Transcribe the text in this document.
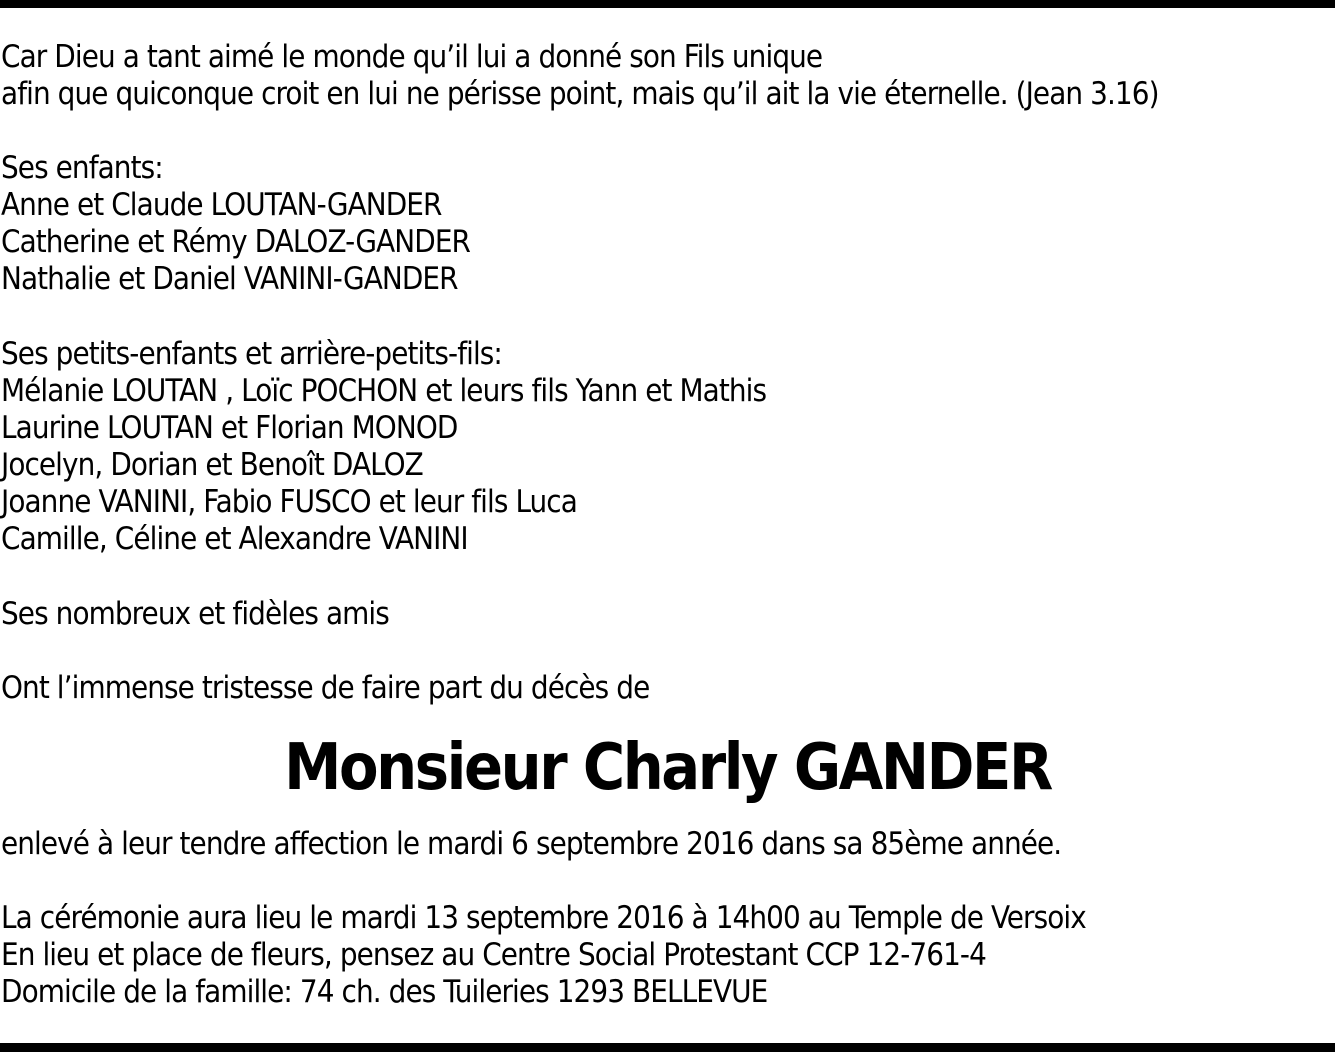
Car Dieu a tant aimé le monde qu’il lui a donné son Fils unique
afin que quiconque croit en lui ne périsse point, mais qu’il ait la vie éternelle. (Jean 3.16)
Ses enfants:
Anne et Claude LOUTAN-GANDER
Catherine et Rémy DALOZ-GANDER
Nathalie et Daniel VANINI-GANDER
Ses petits-enfants et arrière-petits-fils:
Mélanie LOUTAN , Loïc POCHON et leurs fils Yann et Mathis
Laurine LOUTAN et Florian MONOD
Jocelyn, Dorian et Benoît DALOZ
Joanne VANINI, Fabio FUSCO et leur fils Luca
Camille, Céline et Alexandre VANINI
Ses nombreux et fidèles amis
Ont l’immense tristesse de faire part du décès de
Monsieur Charly GANDER
enlevé à leur tendre affection le mardi 6 septembre 2016 dans sa 85ème année.
La cérémonie aura lieu le mardi 13 septembre 2016 à 14h00 au Temple de Versoix
En lieu et place de fleurs, pensez au Centre Social Protestant CCP 12-761-4
Domicile de la famille: 74 ch. des Tuileries 1293 BELLEVUE
